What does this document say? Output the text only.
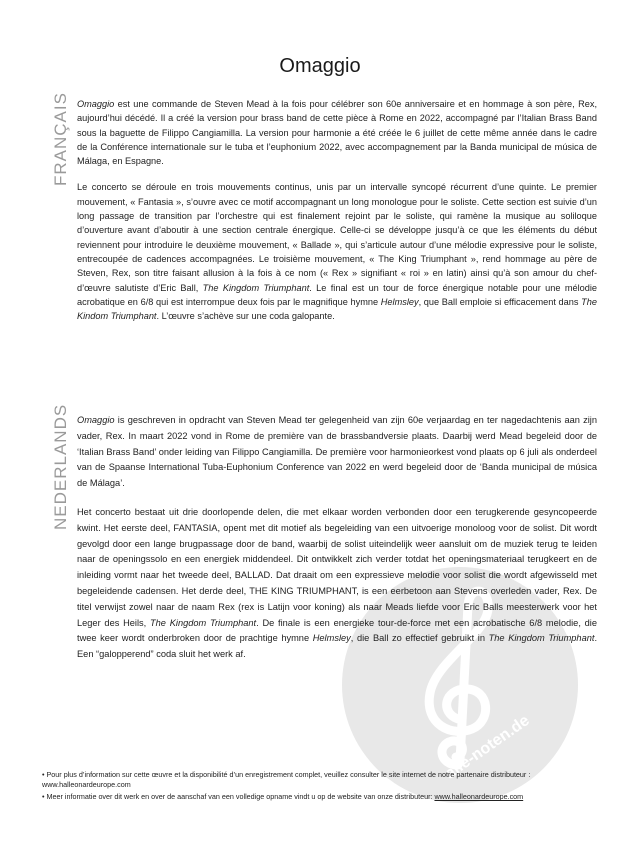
Omaggio
FRANÇAIS
NEDERLANDS
alle-noten.de

Omaggio est une commande de Steven Mead à la fois pour célébrer son 60e anniversaire et en hommage à son père, Rex, aujourd’hui décédé. Il a créé la version pour brass band de cette pièce à Rome en 2022, accompagné par l’Italian Brass Band sous la baguette de Filippo Cangiamilla. La version pour harmonie a été créée le 6 juillet de cette même année dans le cadre de la Conférence internationale sur le tuba et l’euphonium 2022, avec accompagnement par la Banda municipal de música de Málaga, en Espagne.

Le concerto se déroule en trois mouvements continus, unis par un intervalle syncopé récurrent d’une quinte. Le premier mouvement, « Fantasia », s’ouvre avec ce motif accompagnant un long monologue pour le soliste. Cette section est suivie d’un long passage de transition par l’orchestre qui est finalement rejoint par le soliste, qui ramène la musique au soliloque d’ouverture avant d’aboutir à une section centrale énergique. Celle-ci se développe jusqu’à ce que les éléments du début reviennent pour introduire le deuxième mouvement, « Ballade », qui s’articule autour d’une mélodie expressive pour le soliste, entrecoupée de cadences accompagnées. Le troisième mouvement, « The King Triumphant », rend hommage au père de Steven, Rex, son titre faisant allusion à la fois à ce nom (« Rex » signifiant « roi » en latin) ainsi qu’à son amour du chef-d’œuvre salutiste d’Eric Ball, The Kingdom Triumphant. Le final est un tour de force énergique notable pour une mélodie acrobatique en 6/8 qui est interrompue deux fois par le magnifique hymne Helmsley, que Ball emploie si efficacement dans The Kindom Triumphant. L’œuvre s’achève sur une coda galopante.

Omaggio is geschreven in opdracht van Steven Mead ter gelegenheid van zijn 60e verjaardag en ter nagedachtenis aan zijn vader, Rex. In maart 2022 vond in Rome de première van de brassbandversie plaats. Daarbij werd Mead begeleid door de ‘Italian Brass Band’ onder leiding van Filippo Cangiamilla. De première voor harmonieorkest vond plaats op 6 juli als onderdeel van de Spaanse International Tuba-Euphonium Conference van 2022 en werd begeleid door de ‘Banda municipal de música de Málaga’.

Het concerto bestaat uit drie doorlopende delen, die met elkaar worden verbonden door een terugkerende gesyncopeerde kwint. Het eerste deel, FANTASIA, opent met dit motief als begeleiding van een uitvoerige monoloog voor de solist. Dit wordt gevolgd door een lange brugpassage door de band, waarbij de solist uiteindelijk weer aansluit om de muziek terug te leiden naar de openingssolo en een energiek middendeel. Dit ontwikkelt zich verder totdat het openingsmateriaal terugkeert en de inleiding vormt naar het tweede deel, BALLAD. Dat draait om een expressieve melodie voor solist die wordt afgewisseld met begeleidende cadensen. Het derde deel, THE KING TRIUMPHANT, is een eerbetoon aan Stevens overleden vader, Rex. De titel verwijst zowel naar de naam Rex (rex is Latijn voor koning) als naar Meads liefde voor Eric Balls meesterwerk voor het Leger des Heils, The Kingdom Triumphant. De finale is een energieke tour-de-force met een acrobatische 6/8 melodie, die twee keer wordt onderbroken door de prachtige hymne Helmsley, die Ball zo effectief gebruikt in The Kingdom Triumphant. Een “galopperend” coda sluit het werk af.

• Pour plus d’information sur cette œuvre et la disponibilité d’un enregistrement complet, veuillez consulter le site internet de notre partenaire distributeur : www.halleonardeurope.com
• Meer informatie over dit werk en over de aanschaf van een volledige opname vindt u op de website van onze distributeur: www.halleonardeurope.com
